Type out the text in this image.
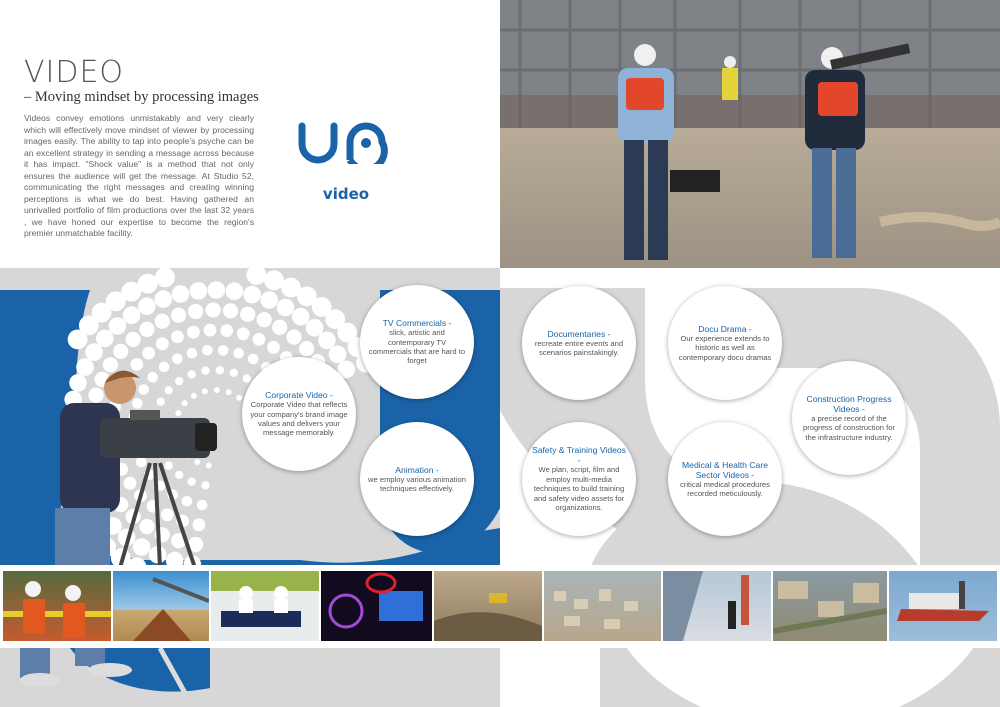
VIDEO
– Moving mindset by processing images
Videos convey emotions unmistakably and very clearly which will effectively move mindset of viewer by processing images easily. The ability to tap into people's psyche can be an excellent strategy in sending a message across because it has impact. "Shock value" is a method that not only ensures the audience will get the message. At Studio 52, communicating the right messages and creating winning perceptions is what we do best. Having gathered an unrivalled portfolio of film productions over the last 32 years , we have honed our expertise to become the region's premier unmatchable facility.
video
TV Commercials -
slick, artistic and contemporary TV commercials that are hard to forget
Corporate Video -
Corporate Video that reflects your company's brand image values and delivers your message memorably.
Animation -
we employ various animation techniques effectively.
Documentaries -
recreate entire events and scenarios painstakingly.
Docu Drama -
Our experience extends to historic as well as contemporary docu dramas
Construction Progress Videos -
a precise record of the progress of construction for the infrastructure industry.
Safety & Training Videos -
We plan, script, film and employ multi-media techniques to build training and safety video assets for organizations.
Medical & Health Care Sector Videos -
critical medical procedures recorded meticulously.
